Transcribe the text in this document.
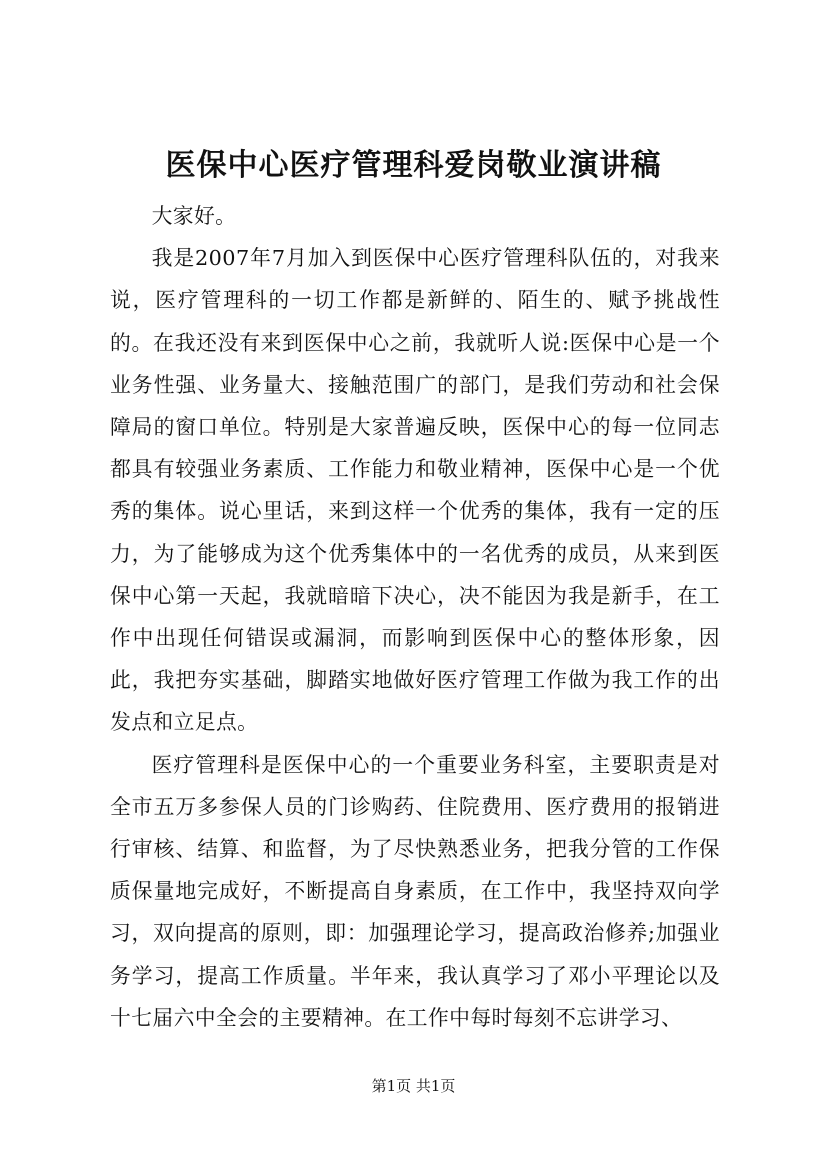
医保中心医疗管理科爱岗敬业演讲稿

大家好。

我是2007年7月加入到医保中心医疗管理科队伍的，对我来说，医疗管理科的一切工作都是新鲜的、陌生的、赋予挑战性的。在我还没有来到医保中心之前，我就听人说:医保中心是一个业务性强、业务量大、接触范围广的部门，是我们劳动和社会保障局的窗口单位。特别是大家普遍反映，医保中心的每一位同志都具有较强业务素质、工作能力和敬业精神，医保中心是一个优秀的集体。说心里话，来到这样一个优秀的集体，我有一定的压力，为了能够成为这个优秀集体中的一名优秀的成员，从来到医保中心第一天起，我就暗暗下决心，决不能因为我是新手，在工作中出现任何错误或漏洞，而影响到医保中心的整体形象，因此，我把夯实基础，脚踏实地做好医疗管理工作做为我工作的出发点和立足点。

医疗管理科是医保中心的一个重要业务科室，主要职责是对全市五万多参保人员的门诊购药、住院费用、医疗费用的报销进行审核、结算、和监督，为了尽快熟悉业务，把我分管的工作保质保量地完成好，不断提高自身素质，在工作中，我坚持双向学习，双向提高的原则，即：加强理论学习，提高政治修养;加强业务学习，提高工作质量。半年来，我认真学习了邓小平理论以及十七届六中全会的主要精神。在工作中每时每刻不忘讲学习、

第1页 共1页
